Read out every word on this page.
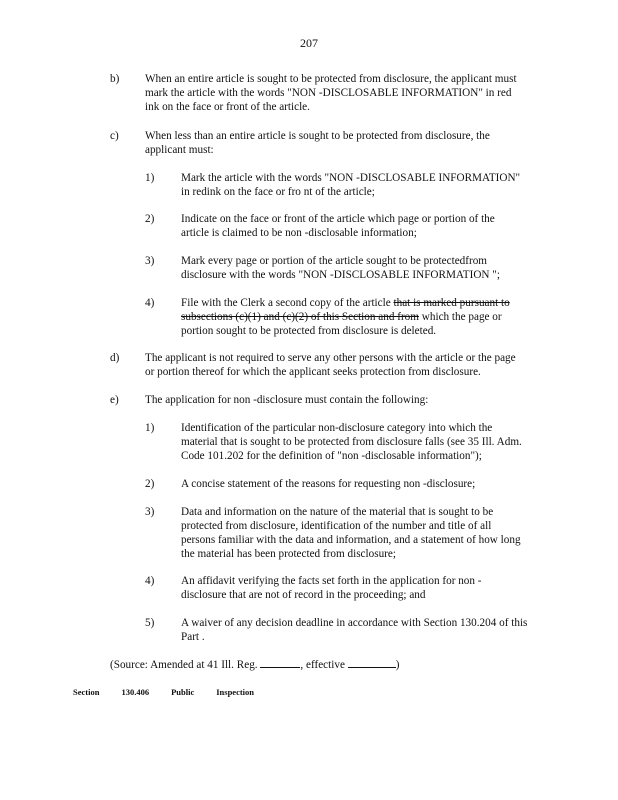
207
b) When an entire article is sought to be protected from disclosure, the applicant must mark the article with the words "NON -DISCLOSABLE INFORMATION" in red ink on the face or front of the article.
c) When less than an entire article is sought to be protected from disclosure, the applicant must:
1) Mark the article with the words "NON -DISCLOSABLE INFORMATION" in redink on the face or fro nt of the article;
2) Indicate on the face or front of the article which page or portion of the article is claimed to be non -disclosable information;
3) Mark every page or portion of the article sought to be protectedfrom disclosure with the words "NON -DISCLOSABLE INFORMATION ";
4) File with the Clerk a second copy of the article that is marked pursuant to subsections (c)(1) and (c)(2) of this Section and from which the page or portion sought to be protected from disclosure is deleted.
d) The applicant is not required to serve any other persons with the article or the page or portion thereof for which the applicant seeks protection from disclosure.
e) The application for non -disclosure must contain the following:
1) Identification of the particular non-disclosure category into which the material that is sought to be protected from disclosure falls (see 35 Ill. Adm. Code 101.202 for the definition of "non -disclosable information");
2) A concise statement of the reasons for requesting non -disclosure;
3) Data and information on the nature of the material that is sought to be protected from disclosure, identification of the number and title of all persons familiar with the data and information, and a statement of how long the material has been protected from disclosure;
4) An affidavit verifying the facts set forth in the application for non -disclosure that are not of record in the proceeding; and
5) A waiver of any decision deadline in accordance with Section 130.204 of this Part .
(Source: Amended at 41 Ill. Reg.	, effective	)
Section	130.406	Public	Inspection
